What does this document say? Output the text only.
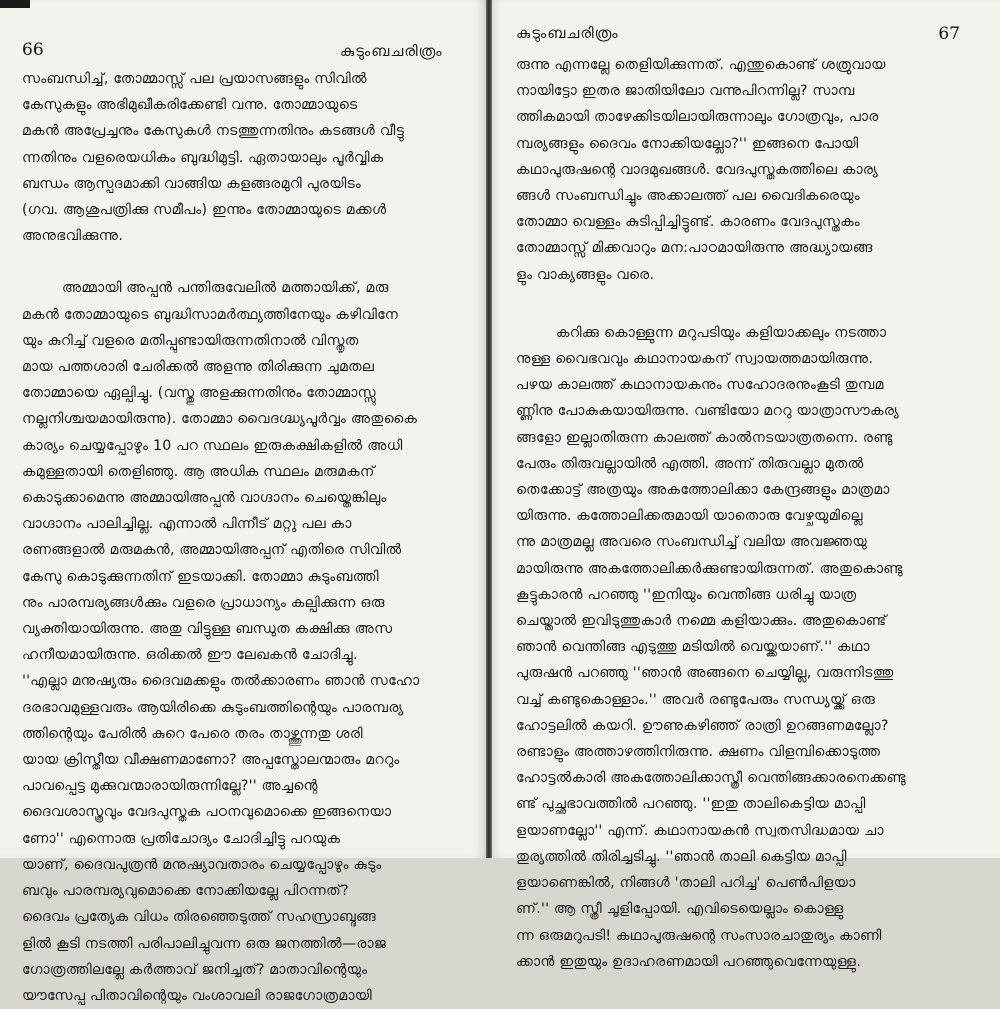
66	കുടുംബചരിത്രം

സംബന്ധിച്ച്, തോമ്മാസ്സ് പല പ്രയാസങ്ങളും സിവിൽ

കേസുകളും അഭിമുഖീകരിക്കേണ്ടി വന്നു. തോമ്മായുടെ

മകൻ അപ്രേച്ചനും കേസുകൾ നടത്തുന്നതിനും കടങ്ങൾ വീട്ടു

ന്നതിനും വളരെയധികം ബുദ്ധിമുട്ടി. ഏതായാലും പൂർവ്വിക

ബന്ധം ആസ്പദമാക്കി വാങ്ങിയ കളങ്ങരമുറി പുരയിടം

(ഗവ. ആശുപത്രിക്കു സമീപം) ഇന്നും തോമ്മായുടെ മക്കൾ

അനുഭവിക്കുന്നു.

അമ്മായി അപ്പൻ പന്തിരുവേലിൽ മത്തായിക്ക്, മരു

മകൻ തോമ്മായുടെ ബുദ്ധിസാമർത്ഥ്യത്തിനേയും കഴിവിനേ

യും കുറിച്ച് വളരെ മതിപ്പുണ്ടായിരുന്നതിനാൽ വിസ്തൃത

മായ പത്തശാരി ചേരിക്കൽ അളന്നു തിരിക്കുന്ന ചുമതല

തോമ്മായെ ഏല്പിച്ചു. (വസ്തു അളക്കുന്നതിനും തോമ്മാസ്സു

നല്ലനിശ്ചയമായിരുന്നു). തോമ്മാ വൈദഗ്ദ്ധ്യപൂർവ്വം അതുകൈ

കാര്യം ചെയ്യപ്പോഴും 10 പറ സ്ഥലം ഇരുകക്ഷികളിൽ അധി

കമുള്ളതായി തെളിഞ്ഞു. ആ അധിക സ്ഥലം മരുമകന്

കൊടുക്കാമെന്നു അമ്മായിഅപ്പൻ വാഗ്ദാനം ചെയ്തെങ്കിലും

വാഗ്ദാനം പാലിച്ചില്ല. എന്നാൽ പിന്നീട് മറ്റു പല കാ

രണങ്ങളാൽ മരുമകൻ, അമ്മായിഅപ്പന് എതിരെ സിവിൽ

കേസു കൊടുക്കുന്നതിന് ഇടയാക്കി. തോമ്മാ കുടുംബത്തി

നും പാരമ്പര്യങ്ങൾക്കും വളരെ പ്രാധാന്യം കല്പിക്കുന്ന ഒരു

വ്യക്തിയായിരുന്നു. അതു വിട്ടുള്ള ബന്ധുത കക്ഷിക്കു അസ

ഹനീയമായിരുന്നു. ഒരിക്കൽ ഈ ലേഖകൻ ചോദിച്ചു.

''എല്ലാ മനുഷ്യരും ദൈവമക്കളും തൽക്കാരണം ഞാൻ സഹോ

ദരഭാവമുള്ളവരും ആയിരിക്കെ കുടുംബത്തിന്റെയും പാരമ്പര്യ

ത്തിന്റെയും പേരിൽ കുറെ പേരെ തരം താഴ്ത്തുന്നതു ശരി

യായ ക്രിസ്തീയ വീക്ഷണമാണോ? അപ്പസ്തോലന്മാരും മററും

പാവപ്പെട്ട മുക്കുവന്മാരായിരുന്നില്ലേ?'' അച്ചന്റെ

ദൈവശാസ്ത്രവും വേദപുസ്തക പഠനവുമൊക്കെ ഇങ്ങനെയാ

ണോ'' എന്നൊരു പ്രതിചോദ്യം ചോദിച്ചിട്ടു പറയുക

യാണ്, ദൈവപുത്രൻ മനുഷ്യാവതാരം ചെയ്യപ്പോഴും കുടും

ബവും പാരമ്പര്യവുമൊക്കെ നോക്കിയല്ലേ പിറന്നത്?

ദൈവം പ്രത്യേക വിധം തിരഞ്ഞെടുത്ത് സഹസ്രാബ്ദങ്ങ

ളിൽ കൂടി നടത്തി പരിപാലിച്ചുവന്ന ഒരു ജനത്തിൽ—രാജ

ഗോത്രത്തിലല്ലേ കർത്താവ് ജനിച്ചത്? മാതാവിന്റെയും

യൗസേപ്പ പിതാവിന്റെയും വംശാവലി രാജഗോത്രമായി

കുടുംബചരിത്രം	67

രുന്നു എന്നല്ലേ തെളിയിക്കുന്നത്. എന്തുകൊണ്ട് ശത്രുവായ

നായിട്ടോ ഇതര ജാതിയിലോ വന്നുപിറന്നില്ല? സാമ്പ

ത്തികമായി താഴേക്കിടയിലായിരുന്നാലും ഗോത്രവും, പാര

മ്പര്യങ്ങളും ദൈവം നോക്കിയല്ലോ?'' ഇങ്ങനെ പോയി

കഥാപുരുഷന്റെ വാദമുഖങ്ങൾ. വേദപുസ്തകത്തിലെ കാര്യ

ങ്ങൾ സംബന്ധിച്ചും അക്കാലത്ത് പല വൈദികരെയും

തോമ്മാ വെള്ളം കുടിപ്പിച്ചിട്ടുണ്ട്. കാരണം വേദപുസ്തകം

തോമ്മാസ്സ് മിക്കവാറും മന:പാഠമായിരുന്നു അദ്ധ്യായങ്ങ

ളും വാക്യങ്ങളും വരെ.

കറിക്കു കൊള്ളുന്ന മറുപടിയും കളിയാക്കലും നടത്താ

നുള്ള വൈഭവവും കഥാനായകന് സ്വായത്തമായിരുന്നു.

പഴയ കാലത്ത് കഥാനായകനും സഹോദരനുംകൂടി തുമ്പമ

ണ്ണിനു പോകുകയായിരുന്നു. വണ്ടിയോ മററു യാത്രാസൗകര്യ

ങ്ങളോ ഇല്ലാതിരുന്ന കാലത്ത് കാൽനടയാത്രതന്നെ. രണ്ടു

പേരും തിരുവല്ലായിൽ എത്തി. അന്ന് തിരുവല്ലാ മുതൽ

തെക്കോട്ട് അത്രയും അകത്തോലിക്കാ കേന്ദ്രങ്ങളും മാത്രമാ

യിരുന്നു. കത്തോലിക്കരുമായി യാതൊരു വേഴ്ചയുമില്ലെ

ന്നു മാത്രമല്ല അവരെ സംബന്ധിച്ച് വലിയ അവജ്ഞയു

മായിരുന്നു അകത്തോലിക്കർക്കുണ്ടായിരുന്നത്. അതുകൊണ്ടു

കൂട്ടുകാരൻ പറഞ്ഞു ''ഇനിയും വെന്തിങ്ങ ധരിച്ചു യാത്ര

ചെയ്താൽ ഇവിടുത്തുകാർ നമ്മെ കളിയാക്കും. അതുകൊണ്ട്

ഞാൻ വെന്തിങ്ങ എടുത്തു മടിയിൽ വെയ്ക്കയാണ്.'' കഥാ

പുരുഷൻ പറഞ്ഞു ''ഞാൻ അങ്ങനെ ചെയ്യില്ല, വരുന്നിടത്തു

വച്ച് കണ്ടുകൊള്ളാം.'' അവർ രണ്ടുപേരും സന്ധ്യയ്ക്ക് ഒരു

ഹോട്ടലിൽ കയറി. ഊണുകഴിഞ്ഞ് രാത്രി ഉറങ്ങണമല്ലോ?

രണ്ടാളും അത്താഴത്തിനിരുന്നു. ക്ഷണം വിളമ്പിക്കൊടുത്ത

ഹോട്ടൽകാരി അകത്തോലിക്കാസ്ത്രീ വെന്തിങ്ങക്കാരനെക്കണ്ടു

ണ്ട് പുച്ഛഭാവത്തിൽ പറഞ്ഞു. ''ഇതു താലികെട്ടിയ മാപ്പി

ളയാണല്ലോ'' എന്ന്. കഥാനായകൻ സ്വതസിദ്ധമായ ചാ

തുര്യത്തിൽ തിരിച്ചടിച്ചു. ''ഞാൻ താലി കെട്ടിയ മാപ്പി

ളയാണെങ്കിൽ, നിങ്ങൾ 'താലി പറിച്ച' പെൺപിളയാ

ണ്.'' ആ സ്ത്രീ ചൂളിപ്പോയി. എവിടെയെല്ലാം കൊള്ളു

ന്ന ഒരുമറുപടി! കഥാപുരുഷന്റെ സംസാരചാതുര്യം കാണി

ക്കാൻ ഇതുയും ഉദാഹരണമായി പറഞ്ഞുവെന്നേയുള്ളു.
